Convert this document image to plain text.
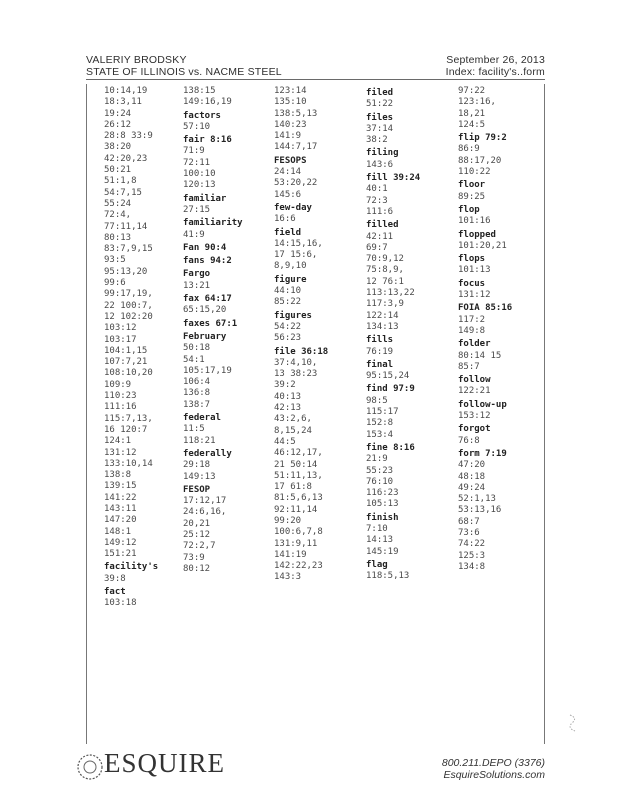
VALERIY BRODSKY
STATE OF ILLINOIS vs. NACME STEEL
September 26, 2013
Index: facility's..form
10:14,19
18:3,11
19:24
26:12
28:8 33:9
38:20
42:20,23
50:21
51:1,8
54:7,15
55:24
72:4,
77:11,14
80:13
83:7,9,15
93:5
95:13,20
99:6
99:17,19,
22 100:7,
12 102:20
103:12
103:17
104:1,15
107:7,21
108:10,20
109:9
110:23
111:16
115:7,13,
16 120:7
124:1
131:12
133:10,14
138:8
139:15
141:22
143:11
147:20
148:1
149:12
151:21
facility's
39:8
fact
103:18
138:15
149:16,19
factors
57:10
fair 8:16
71:9
72:11
100:10
120:13
familiar
27:15
familiarity
41:9
Fan 90:4
fans 94:2
Fargo
13:21
fax 64:17
65:15,20
faxes 67:1
February
50:18
54:1
105:17,19
106:4
136:8
138:7
federal
11:5
118:21
federally
29:18
149:13
FESOP
17:12,17
24:6,16,
20,21
25:12
72:2,7
73:9
80:12
123:14
135:10
138:5,13
140:23
141:9
144:7,17
FESOPS
24:14
53:20,22
145:6
few-day
16:6
field
14:15,16,
17 15:6,
8,9,10
figure
44:10
85:22
figures
54:22
56:23
file 36:18
37:4,10,
13 38:23
39:2
40:13
42:13
43:2,6,
8,15,24
44:5
46:12,17,
21 50:14
51:11,13,
17 61:8
81:5,6,13
92:11,14
99:20
100:6,7,8
131:9,11
141:19
142:22,23
143:3
filed
51:22
files
37:14
38:2
filing
143:6
fill 39:24
40:1
72:3
111:6
filled
42:11
69:7
70:9,12
75:8,9,
12 76:1
113:13,22
117:3,9
122:14
134:13
fills
76:19
final
95:15,24
find 97:9
98:5
115:17
152:8
153:4
fine 8:16
21:9
55:23
76:10
116:23
105:13
finish
7:10
14:13
145:19
flag
118:5,13
97:22
123:16,
18,21
124:5
flip 79:2
86:9
88:17,20
110:22
floor
89:25
flop
101:16
flopped
101:20,21
flops
101:13
focus
131:12
FOIA 85:16
117:2
149:8
folder
80:14 15
85:7
follow
122:21
follow-up
153:12
forgot
76:8
form 7:19
47:20
48:18
49:24
52:1,13
53:13,16
68:7
73:6
74:22
125:3
134:8
ESQUIRE	800.211.DEPO (3376)
EsquireSolutions.com
